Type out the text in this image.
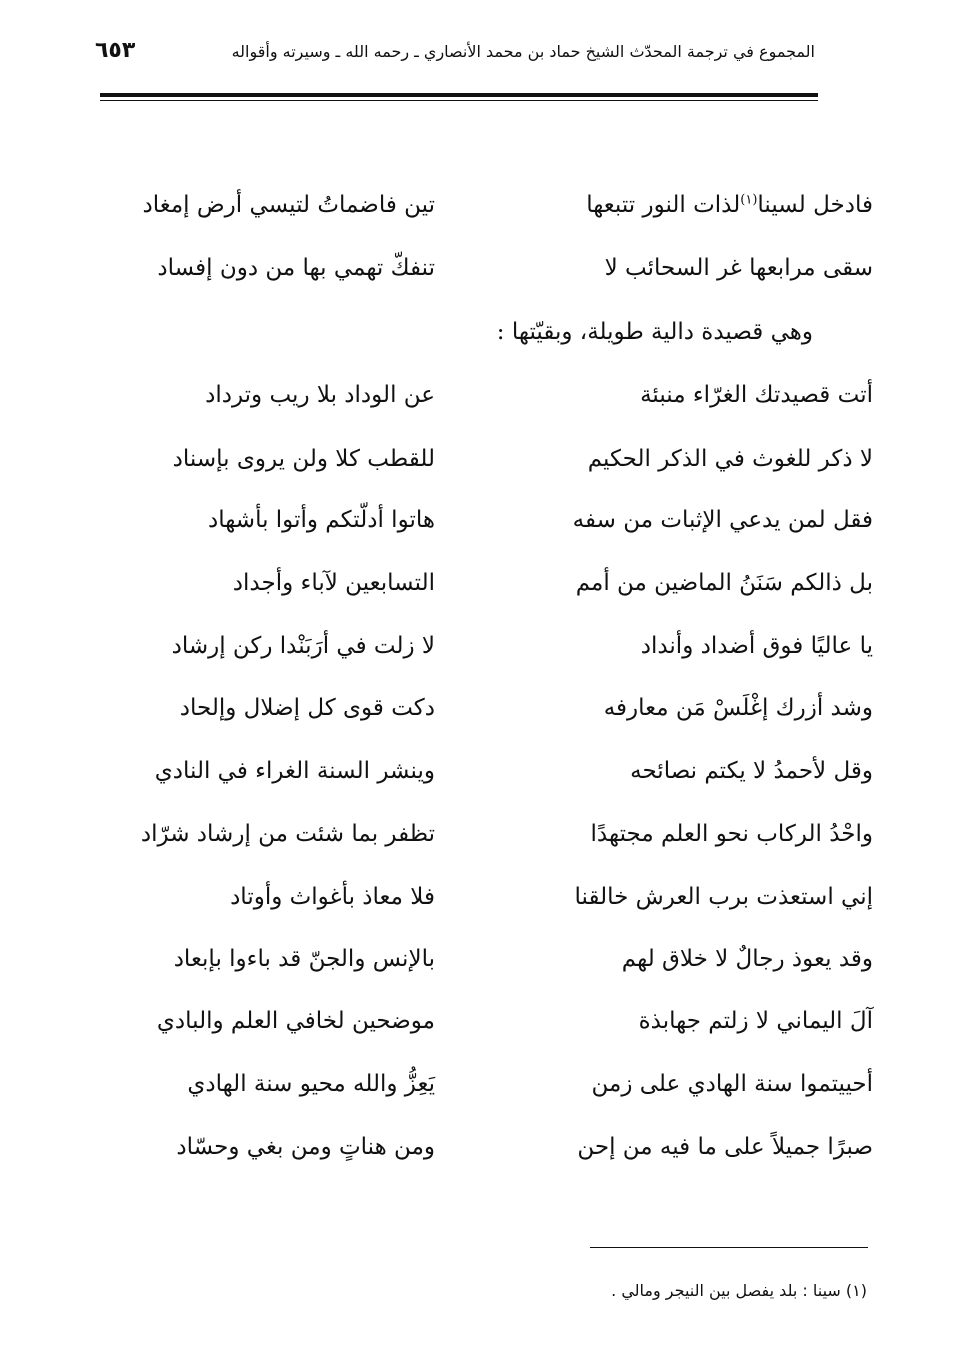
المجموع في ترجمة المحدّث الشيخ حماد بن محمد الأنصاري ـ رحمه الله ـ وسيرته وأقواله
٦٥٣
فادخل لسينا$^{(١)}$لذات النور تتبعها
تين فاضماتُ لتيسي أرض إمغاد
سقى مرابعها غر السحائب لا
تنفكّ تهمي بها من دون إفساد
وهي قصيدة دالية طويلة، وبقيّتها :
أتت قصيدتك الغرّاء منبئة
عن الوداد بلا ريب وترداد
لا ذكر للغوث في الذكر الحكيم
للقطب كلا ولن يروى بإسناد
فقل لمن يدعي الإثبات من سفه
هاتوا أدلّتكم وأتوا بأشهاد
بل ذالكم سَنَنُ الماضين من أمم
التسابعين لآباء وأجداد
يا عاليًا فوق أضداد وأنداد
لا زلت في أرَبَنْدا ركن إرشاد
وشد أزرك إغْلَسْ مَن معارفه
دكت قوى كل إضلال وإلحاد
وقل لأحمدُ لا يكتم نصائحه
وينشر السنة الغراء في النادي
واحْدُ الركاب نحو العلم مجتهدًا
تظفر بما شئت من إرشاد شرّاد
إني استعذت برب العرش خالقنا
فلا معاذ بأغواث وأوتاد
وقد يعوذ رجالٌ لا خلاق لهم
بالإنس والجنّ قد باءوا بإبعاد
آلَ اليماني لا زلتم جهابذة
موضحين لخافي العلم والبادي
أحييتموا سنة الهادي على زمن
يَعِزُّ والله محيو سنة الهادي
صبرًا جميلاً على ما فيه من إحن
ومن هناتٍ ومن بغي وحسّاد
(١) سينا : بلد يفصل بين النيجر ومالي .
